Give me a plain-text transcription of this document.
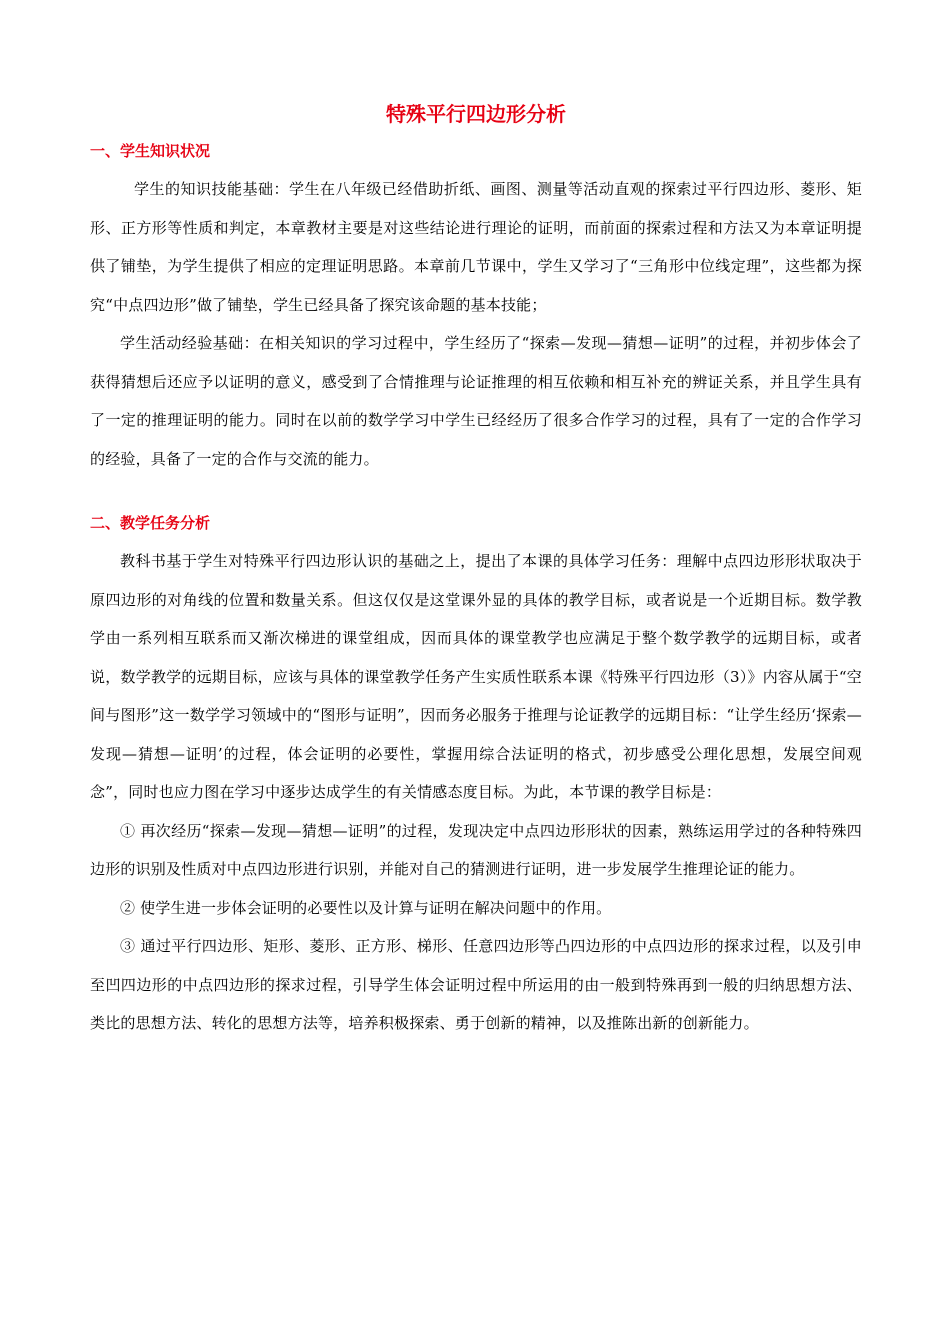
特殊平行四边形分析
一、学生知识状况

学生的知识技能基础：学生在八年级已经借助折纸、画图、测量等活动直观的探索过平行四边形、菱形、矩形、正方形等性质和判定，本章教材主要是对这些结论进行理论的证明，而前面的探索过程和方法又为本章证明提供了铺垫，为学生提供了相应的定理证明思路。本章前几节课中，学生又学习了“三角形中位线定理”，这些都为探究“中点四边形”做了铺垫，学生已经具备了探究该命题的基本技能；

学生活动经验基础：在相关知识的学习过程中，学生经历了“探索—发现—猜想—证明”的过程，并初步体会了获得猜想后还应予以证明的意义，感受到了合情推理与论证推理的相互依赖和相互补充的辨证关系，并且学生具有了一定的推理证明的能力。同时在以前的数学学习中学生已经经历了很多合作学习的过程，具有了一定的合作学习的经验，具备了一定的合作与交流的能力。

二、教学任务分析

教科书基于学生对特殊平行四边形认识的基础之上，提出了本课的具体学习任务：理解中点四边形形状取决于原四边形的对角线的位置和数量关系。但这仅仅是这堂课外显的具体的教学目标，或者说是一个近期目标。数学教学由一系列相互联系而又渐次梯进的课堂组成，因而具体的课堂教学也应满足于整个数学教学的远期目标，或者说，数学教学的远期目标，应该与具体的课堂教学任务产生实质性联系本课《特殊平行四边形（3）》内容从属于“空间与图形”这一数学学习领域中的“图形与证明”，因而务必服务于推理与论证教学的远期目标：“让学生经历‘探索—发现—猜想—证明’的过程，体会证明的必要性，掌握用综合法证明的格式，初步感受公理化思想，发展空间观念”，同时也应力图在学习中逐步达成学生的有关情感态度目标。为此，本节课的教学目标是：

① 再次经历“探索—发现—猜想—证明”的过程，发现决定中点四边形形状的因素，熟练运用学过的各种特殊四边形的识别及性质对中点四边形进行识别，并能对自己的猜测进行证明，进一步发展学生推理论证的能力。

② 使学生进一步体会证明的必要性以及计算与证明在解决问题中的作用。

③ 通过平行四边形、矩形、菱形、正方形、梯形、任意四边形等凸四边形的中点四边形的探求过程，以及引申至凹四边形的中点四边形的探求过程，引导学生体会证明过程中所运用的由一般到特殊再到一般的归纳思想方法、类比的思想方法、转化的思想方法等，培养积极探索、勇于创新的精神，以及推陈出新的创新能力。
